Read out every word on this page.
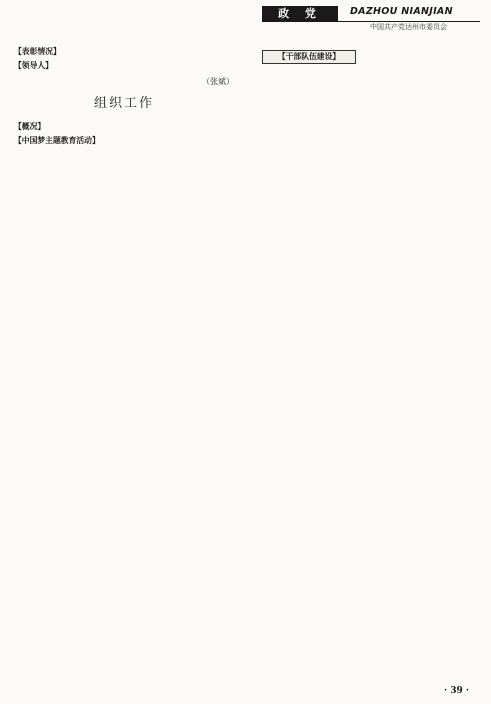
政 党	DAZHOU NIANJIAN
中国共产党达州市委员会

【表彰情况】

【领导人】

（张斌）

组织工作

【概况】

【中国梦主题教育活动】

【干部队伍建设】

· 39 ·
